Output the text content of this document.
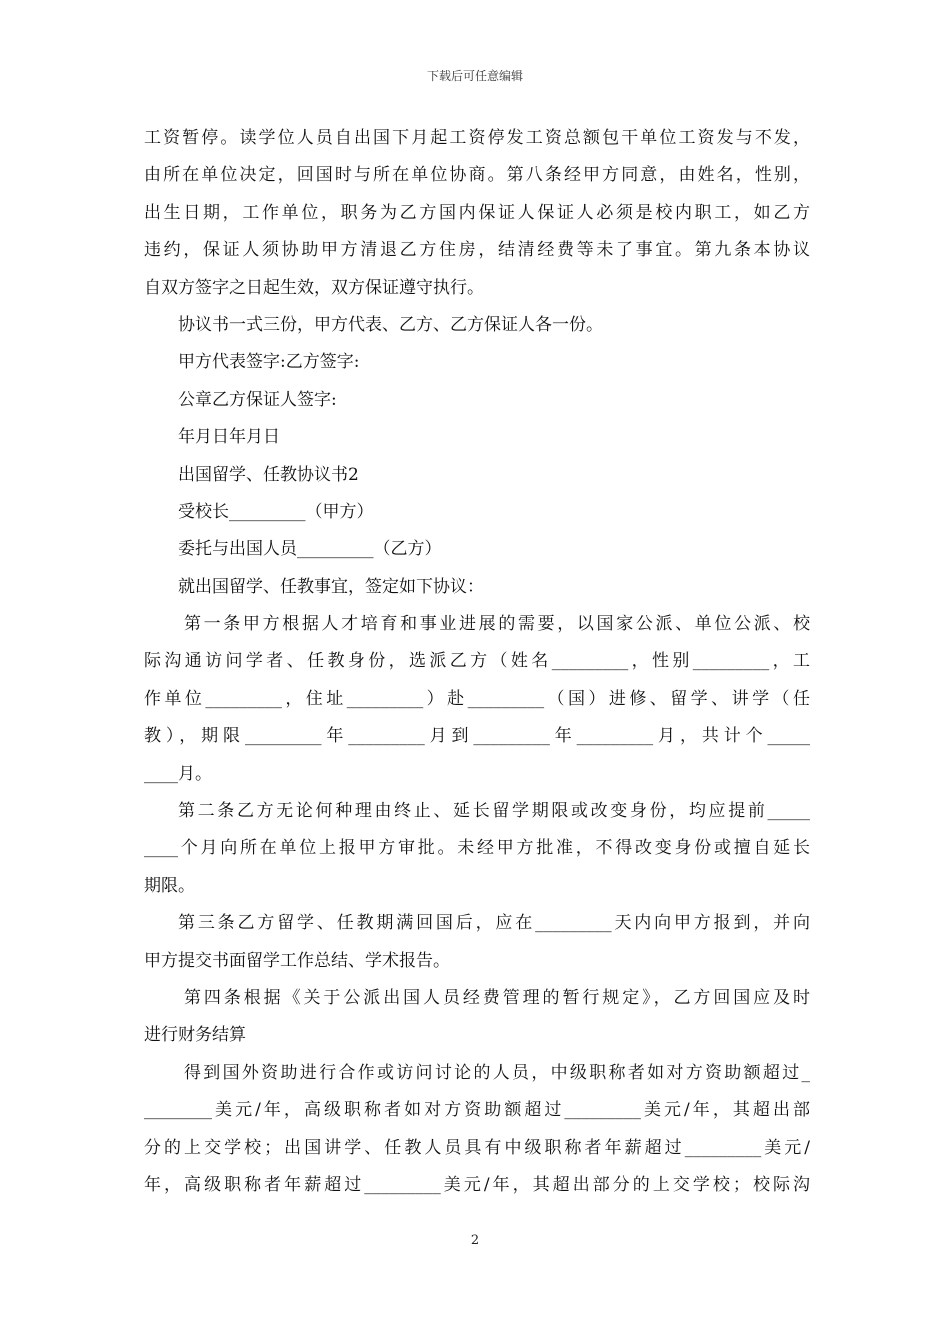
下载后可任意编辑
工资暂停。读学位人员自出国下月起工资停发工资总额包干单位工资发与不发，
由所在单位决定，回国时与所在单位协商。第八条经甲方同意，由姓名，性别，
出生日期，工作单位，职务为乙方国内保证人保证人必须是校内职工，如乙方
违约，保证人须协助甲方清退乙方住房，结清经费等未了事宜。第九条本协议
自双方签字之日起生效，双方保证遵守执行。
协议书一式三份，甲方代表、乙方、乙方保证人各一份。
甲方代表签字:乙方签字:
公章乙方保证人签字:
年月日年月日
出国留学、任教协议书2
受校长_________（甲方）
委托与出国人员_________（乙方）
就出国留学、任教事宜，签定如下协议：
第一条甲方根据人才培育和事业进展的需要，以国家公派、单位公派、校
际沟通访问学者、任教身份，选派乙方（姓名_________，性别_________，工
作单位_________，住址_________）赴_________（国）进修、留学、讲学（任
教），期限_________年_________月到_________年_________月，共计个_____
____月。
第二条乙方无论何种理由终止、延长留学期限或改变身份，均应提前_____
____个月向所在单位上报甲方审批。未经甲方批准，不得改变身份或擅自延长
期限。
第三条乙方留学、任教期满回国后，应在_________天内向甲方报到，并向
甲方提交书面留学工作总结、学术报告。
第四条根据《关于公派出国人员经费管理的暂行规定》，乙方回国应及时
进行财务结算
得到国外资助进行合作或访问讨论的人员，中级职称者如对方资助额超过_
________美元/年，高级职称者如对方资助额超过_________美元/年，其超出部
分的上交学校；出国讲学、任教人员具有中级职称者年薪超过_________美元/
年，高级职称者年薪超过_________美元/年，其超出部分的上交学校；校际沟
2
